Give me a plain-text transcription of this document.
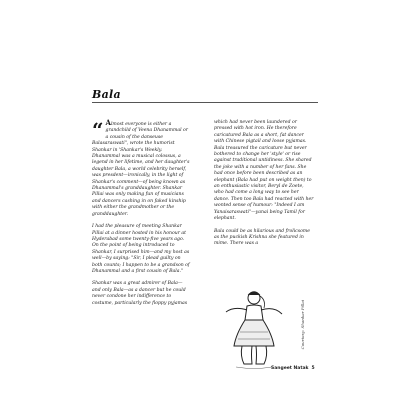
Bala

“ Almost everyone is either a grandchild of Veena Dhanammal or a cousin of the danseuse Balasaraswati", wrote the humorist Shankar in 'Shankar's Weekly. Dhanammal was a musical colossus, a legend in her lifetime, and her daughter's daughter Bala, a world celebrity herself, was presdent—ironically, in the light of Shankar's comment—of being known as Dhanammal's granddaughter. Shankar Pillai was only making fun of musicians and dancers cashing in on faked kinship with either the grandmother or the granddaughter.

I had the pleasure of meeting Shankar Pillai at a dinner hosted in his honour at Hyderabad some twenty-five years ago. On the point of being introduced to Shankar, I surprised him—and my host as well—by saying: "Sir, I plead guilty on both counts; I happen to be a grandson of Dhanammal and a first cousin of Bala."

Shankar was a great admirer of Bala—and only Bala—as a dancer but he could never condone her indifference to costume, particularly the floppy pyjamas

which had never been laundered or pressed with hot iron. He therefore caricatured Bala as a short, fat dancer with Chinese pigtail and loose pyjamas. Bala treasured the caricature but never bothered to change her 'style' or rise against traditional untidiness. She shared the joke with a number of her fans. She had once before been described as an elephant (Bala had put on weight then) to an enthusiastic visitor, Beryl de Zoete, who had come a long way to see her dance. Then too Bala had reacted with her wonted sense of humour: "Indeed I am Yanaisaraswati"—yanai being Tamil for elephant.

Bala could be as hilarious and frolicsome as the puckish Krishna she featured in mime. There was a

Courtesy: Shankar Pillai
Sangeet Natak 5
